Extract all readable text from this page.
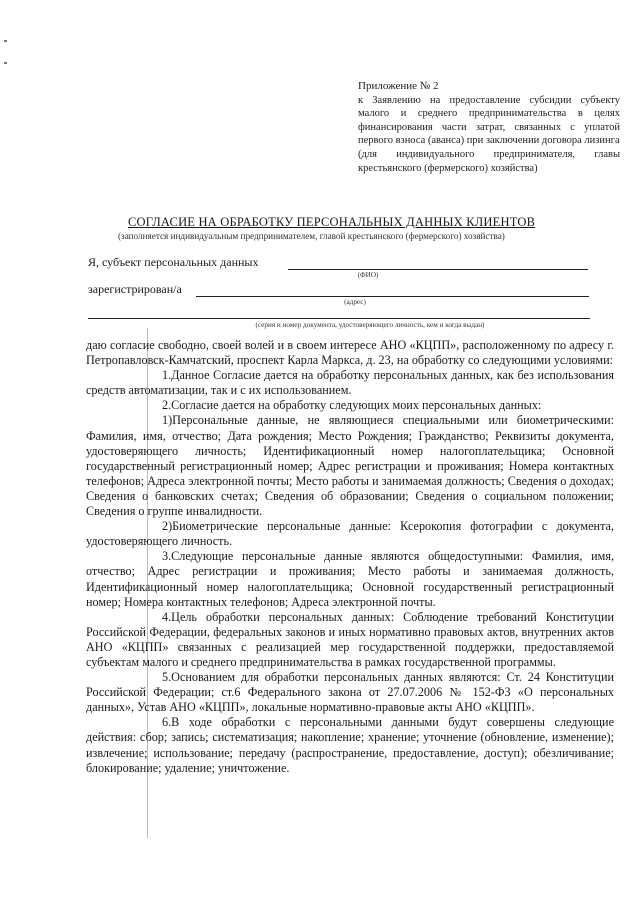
Приложение № 2

к Заявлению на предоставление субсидии субъекту малого и среднего предпринимательства в целях финансирования части затрат, связанных с уплатой первого взноса (аванса) при заключении договора лизинга

(для индивидуального предпринимателя, главы крестьянского (фермерского) хозяйства)

СОГЛАСИЕ НА ОБРАБОТКУ ПЕРСОНАЛЬНЫХ ДАННЫХ КЛИЕНТОВ
(заполняется индивидуальным предпринимателем, главой крестьянского (фермерского) хозяйства)
Я, субъект персональных данных
(ФИО)
зарегистрирован/а
(адрес)
(серия и номер документа, удостоверяющего личность, кем и когда выдан)

даю согласие свободно, своей волей и в своем интересе АНО «КЦПП», расположенному по адресу г. Петропавловск-Камчатский, проспект Карла Маркса, д. 23, на обработку со следующими условиями:

1.Данное Согласие дается на обработку персональных данных, как без использования средств автоматизации, так и с их использованием.

2.Согласие дается на обработку следующих моих персональных данных:

1)Персональные данные, не являющиеся специальными или биометрическими: Фамилия, имя, отчество; Дата рождения; Место Рождения; Гражданство; Реквизиты документа, удостоверяющего личность; Идентификационный номер налогоплательщика; Основной государственный регистрационный номер; Адрес регистрации и проживания; Номера контактных телефонов; Адреса электронной почты; Место работы и занимаемая должность; Сведения о доходах; Сведения о банковских счетах; Сведения об образовании; Сведения о социальном положении; Сведения о группе инвалидности.

2)Биометрические персональные данные: Ксерокопия фотографии с документа, удостоверяющего личность.

3.Следующие персональные данные являются общедоступными: Фамилия, имя, отчество; Адрес регистрации и проживания; Место работы и занимаемая должность, Идентификационный номер налогоплательщика; Основной государственный регистрационный номер; Номера контактных телефонов; Адреса электронной почты.

4.Цель обработки персональных данных: Соблюдение требований Конституции Российской Федерации, федеральных законов и иных нормативно правовых актов, внутренних актов АНО «КЦПП» связанных с реализацией мер государственной поддержки, предоставляемой субъектам малого и среднего предпринимательства в рамках государственной программы.

5.Основанием для обработки персональных данных являются: Ст. 24 Конституции Российской Федерации; ст.6 Федерального закона от 27.07.2006 № 152-ФЗ «О персональных данных», Устав АНО «КЦПП», локальные нормативно-правовые акты АНО «КЦПП».

6.В ходе обработки с персональными данными будут совершены следующие действия: сбор; запись; систематизация; накопление; хранение; уточнение (обновление, изменение); извлечение; использование; передачу (распространение, предоставление, доступ); обезличивание; блокирование; удаление; уничтожение.
